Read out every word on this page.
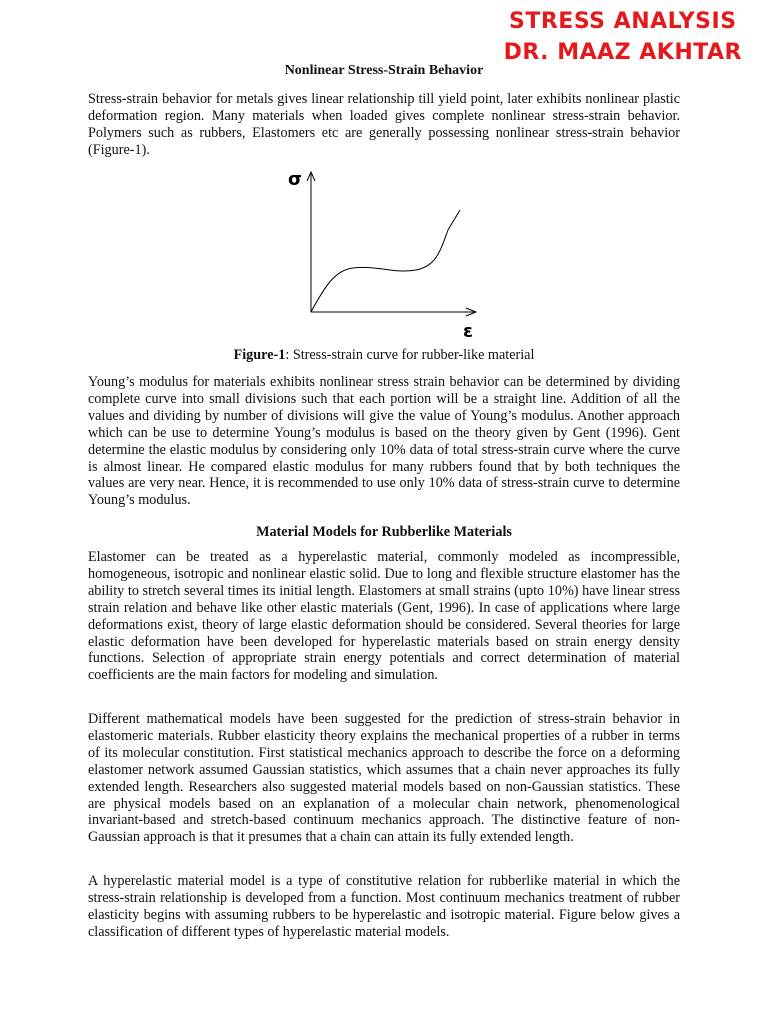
STRESS ANALYSIS
DR. MAAZ AKHTAR
Nonlinear Stress-Strain Behavior

Stress-strain behavior for metals gives linear relationship till yield point, later exhibits nonlinear plastic deformation region. Many materials when loaded gives complete nonlinear stress-strain behavior. Polymers such as rubbers, Elastomers etc are generally possessing nonlinear stress-strain behavior (Figure-1).

σ
ε
Figure-1: Stress-strain curve for rubber-like material

Young’s modulus for materials exhibits nonlinear stress strain behavior can be determined by dividing complete curve into small divisions such that each portion will be a straight line. Addition of all the values and dividing by number of divisions will give the value of Young’s modulus. Another approach which can be use to determine Young’s modulus is based on the theory given by Gent (1996). Gent determine the elastic modulus by considering only 10% data of total stress-strain curve where the curve is almost linear. He compared elastic modulus for many rubbers found that by both techniques the values are very near. Hence, it is recommended to use only 10% data of stress-strain curve to determine Young’s modulus.

Material Models for Rubberlike Materials

Elastomer can be treated as a hyperelastic material, commonly modeled as incompressible, homogeneous, isotropic and nonlinear elastic solid. Due to long and flexible structure elastomer has the ability to stretch several times its initial length. Elastomers at small strains (upto 10%) have linear stress strain relation and behave like other elastic materials (Gent, 1996). In case of applications where large deformations exist, theory of large elastic deformation should be considered. Several theories for large elastic deformation have been developed for hyperelastic materials based on strain energy density functions. Selection of appropriate strain energy potentials and correct determination of material coefficients are the main factors for modeling and simulation.

Different mathematical models have been suggested for the prediction of stress-strain behavior in elastomeric materials. Rubber elasticity theory explains the mechanical properties of a rubber in terms of its molecular constitution. First statistical mechanics approach to describe the force on a deforming elastomer network assumed Gaussian statistics, which assumes that a chain never approaches its fully extended length. Researchers also suggested material models based on non-Gaussian statistics. These are physical models based on an explanation of a molecular chain network, phenomenological invariant-based and stretch-based continuum mechanics approach. The distinctive feature of non-Gaussian approach is that it presumes that a chain can attain its fully extended length.

A hyperelastic material model is a type of constitutive relation for rubberlike material in which the stress-strain relationship is developed from a function. Most continuum mechanics treatment of rubber elasticity begins with assuming rubbers to be hyperelastic and isotropic material. Figure below gives a classification of different types of hyperelastic material models.
